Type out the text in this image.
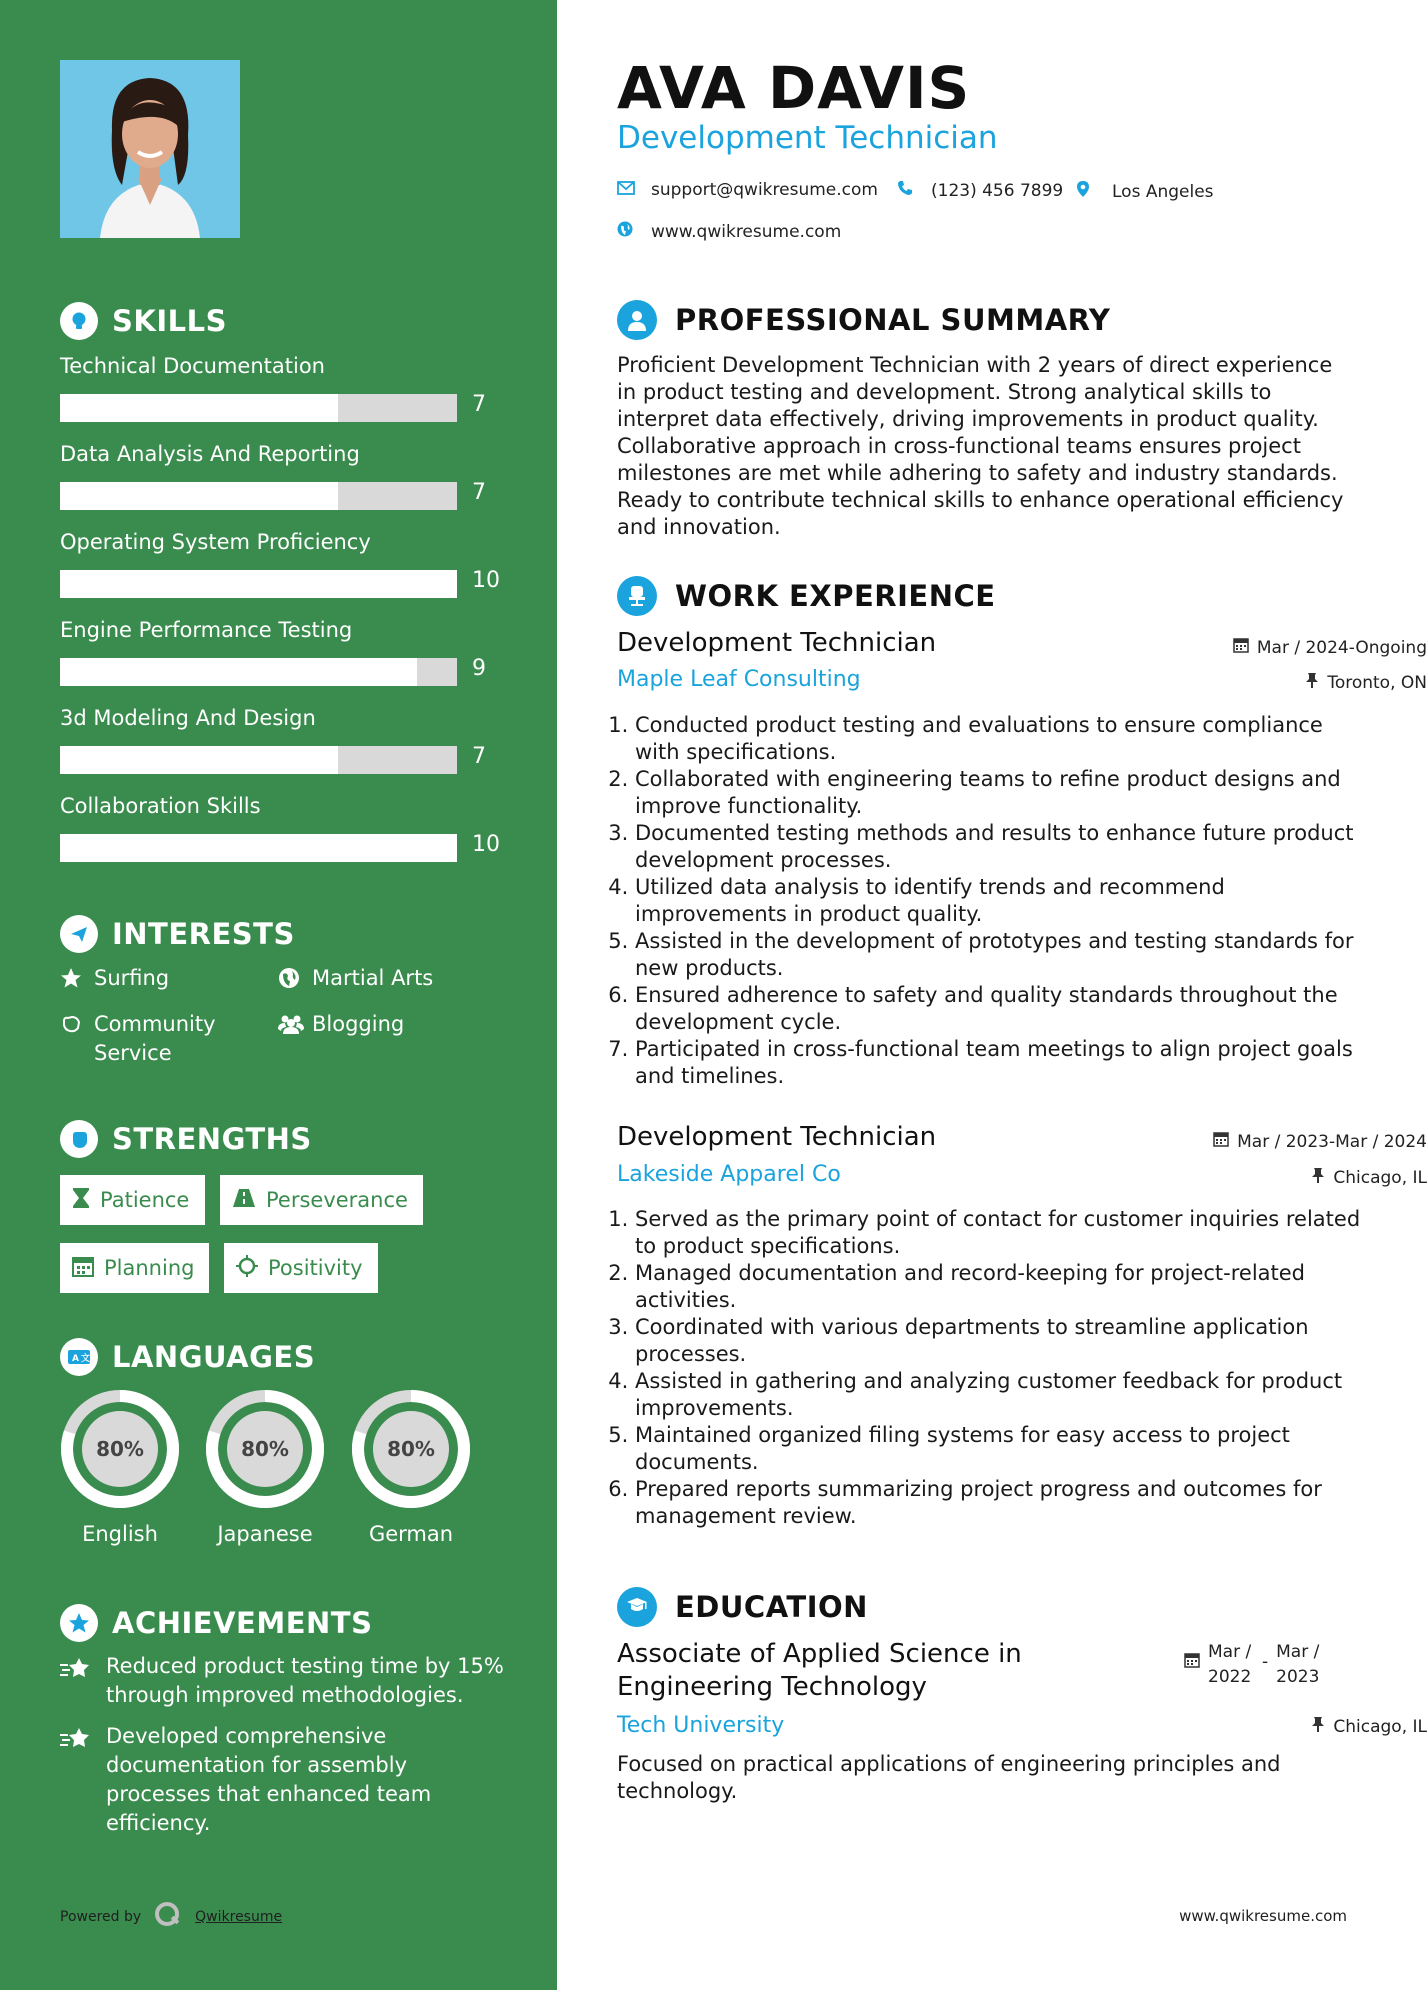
SKILLS
Technical Documentation
7
Data Analysis And Reporting
7
Operating System Proficiency
10
Engine Performance Testing
9
3d Modeling And Design
7
Collaboration Skills
10
INTERESTS
Surfing	Martial Arts
Community Service
Blogging
STRENGTHS
Patience	Perseverance
Planning	Positivity
A 文 LANGUAGES
80%
English
80%
Japanese
80%
German
ACHIEVEMENTS
Reduced product testing time by 15% through improved methodologies.
Developed comprehensive documentation for assembly processes that enhanced team efficiency.
Powered by	Qwikresume
AVA DAVIS
Development Technician
support@qwikresume.com	(123) 456 7899	Los Angeles
www.qwikresume.com
PROFESSIONAL SUMMARY
Proficient Development Technician with 2 years of direct experience in product testing and development. Strong analytical skills to interpret data effectively, driving improvements in product quality. Collaborative approach in cross-functional teams ensures project milestones are met while adhering to safety and industry standards. Ready to contribute technical skills to enhance operational efficiency and innovation.
WORK EXPERIENCE
Development Technician	Mar / 2024-Ongoing
Maple Leaf Consulting	Toronto, ON
1. Conducted product testing and evaluations to ensure compliance with specifications.
2. Collaborated with engineering teams to refine product designs and improve functionality.
3. Documented testing methods and results to enhance future product development processes.
4. Utilized data analysis to identify trends and recommend improvements in product quality.
5. Assisted in the development of prototypes and testing standards for new products.
6. Ensured adherence to safety and quality standards throughout the development cycle.
7. Participated in cross-functional team meetings to align project goals and timelines.
Development Technician	Mar / 2023-Mar / 2024
Lakeside Apparel Co	Chicago, IL
1. Served as the primary point of contact for customer inquiries related to product specifications.
2. Managed documentation and record-keeping for project-related activities.
3. Coordinated with various departments to streamline application processes.
4. Assisted in gathering and analyzing customer feedback for product improvements.
5. Maintained organized filing systems for easy access to project documents.
6. Prepared reports summarizing project progress and outcomes for management review.
EDUCATION
Associate of Applied Science in Engineering Technology
Mar / 2022
- Mar / 2023
Tech University	Chicago, IL
Focused on practical applications of engineering principles and technology.
www.qwikresume.com
